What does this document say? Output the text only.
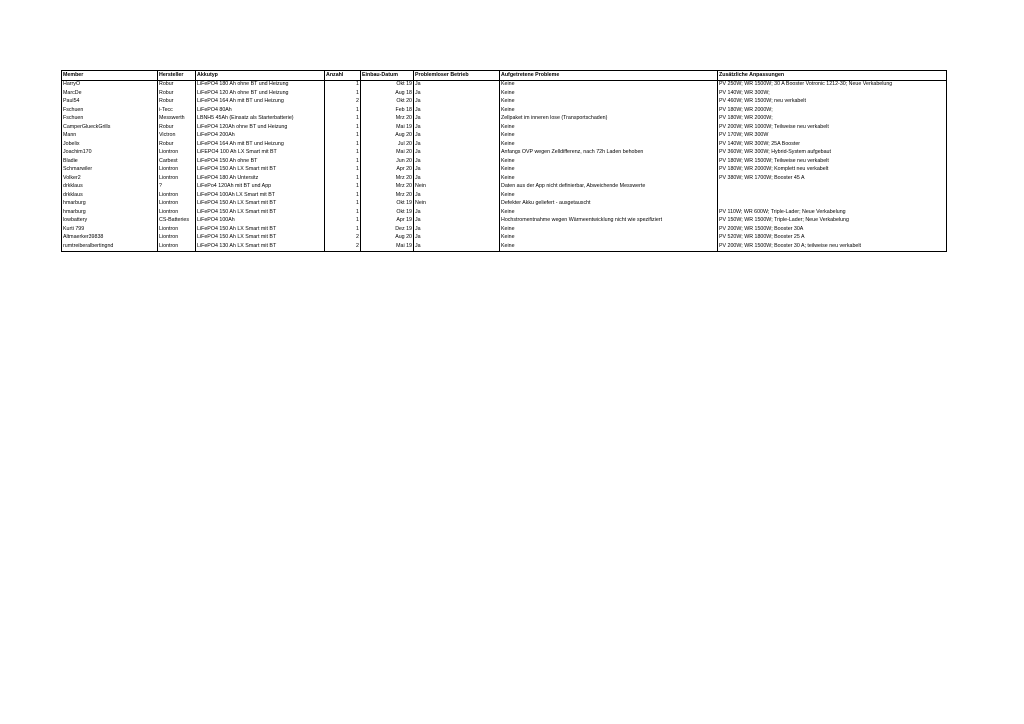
Member	Hersteller	Akkutyp	Anzahl	Einbau-Datum	Problemloser Betrieb	Aufgetretene Probleme	Zusätzliche Anpassungen
HarryO	Robur	LiFePO4 180 Ah ohne BT und Heizung	1	Okt 19	Ja	Keine	PV 250W; WR 1500W; 30 A Booster Votronic 1212-30; Neue Verkabelung
MarcDe	Robur	LiFePO4 120 Ah ohne BT und Heizung	1	Aug 18	Ja	Keine	PV 140W; WR 300W;
Paul54	Robur	LiFePO4 164 Ah mit BT und Heizung	2	Okt 20	Ja	Keine	PV 460W; WR 1500W; neu verkabelt
Fschuen	i-Tecc	LiFePO4 80Ah	1	Feb 18	Ja	Keine	PV 180W; WR 2000W;
Fschuen	Messwerth	LBNH5 45Ah (Einsatz als Starterbatterie)	1	Mrz 20	Ja	Zellpaket im inneren lose (Transportschaden)	PV 180W; WR 2000W;
CamperGlueckGrills	Robur	LiFePO4 120Ah ohne BT und Heizung	1	Mai 19	Ja	Keine	PV 200W; WR 1000W; Teilweise neu verkabelt
Mann	Victron	LiFePO4 200Ah	1	Aug 20	Ja	Keine	PV 170W; WR 300W
Jobelix	Robur	LiFePO4 164 Ah mit BT und Heizung	1	Jul 20	Ja	Keine	PV 140W; WR 300W; 25A Booster
Joachim170	Liontron	LiFEPO4 100 Ah LX Smart mit BT	1	Mai 20	Ja	Anfangs OVP wegen Zelldifferenz, nach 72h Laden behoben	PV 360W; WR 300W; Hybrid-System aufgebaut
Bladie	Carbest	LiFePO4 150 Ah ohne BT	1	Jun 20	Ja	Keine	PV 180W; WR 1500W; Teilweise neu verkabelt
Schmarwiler	Liontron	LiFePO4 150 Ah LX Smart mit BT	1	Apr 20	Ja	Keine	PV 180W; WR 2000W; Komplett neu verkabelt
Volker2	Liontron	LiFePO4 180 Ah Untersitz	1	Mrz 20	Ja	Keine	PV 380W; WR 1700W; Booster 45 A
drkklaus	?	LiFePo4 120Ah mit BT und App	1	Mrz 20	Nein	Daten aus der App nicht definierbar, Abweichende Messwerte	
drkklaus	Liontron	LiFePO4 100Ah LX Smart mit BT	1	Mrz 20	Ja	Keine	
hmarburg	Liontron	LiFePO4 150 Ah LX Smart mit BT	1	Okt 19	Nein	Defekter Akku geliefert - ausgetauscht	
hmarburg	Liontron	LiFePO4 150 Ah LX Smart mit BT	1	Okt 19	Ja	Keine	PV 110W; WR 600W; Triple-Lader; Neue Verkabelung
lowbattery	CS-Batteries	LiFePO4 100Ah	1	Apr 19	Ja	Hochstromentnahme wegen Wärmeentwicklung nicht wie spezifiziert	PV 150W; WR 1500W; Triple-Lader; Neue Verkabelung
Kurti 799	Liontron	LiFePO4 150 Ah LX Smart mit BT	1	Dez 19	Ja	Keine	PV 200W; WR 1500W; Booster 30A
Altmaerker39838	Liontron	LiFePO4 150 Ah LX Smart mit BT	2	Aug 20	Ja	Keine	PV 520W; WR 1800W; Booster 25 A
rumtreiberalbertingnd	Liontron	LiFePO4 130 Ah LX Smart mit BT	2	Mai 19	Ja	Keine	PV 200W; WR 1500W; Booster 30 A; teilweise neu verkabelt
